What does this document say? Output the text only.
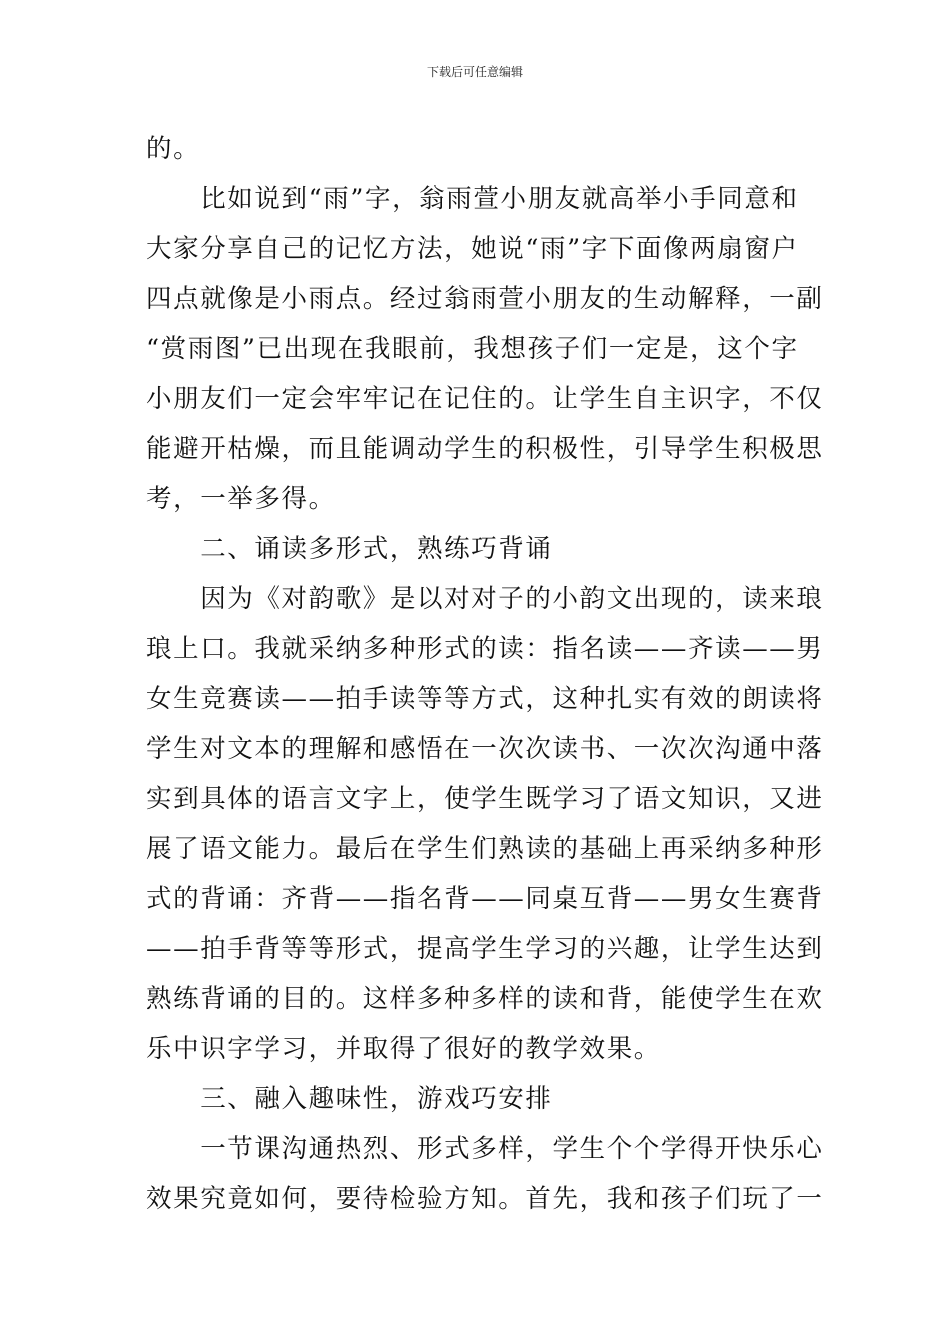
下载后可任意编辑
的。
　　比如说到“雨”字，翁雨萱小朋友就高举小手同意和
大家分享自己的记忆方法，她说“雨”字下面像两扇窗户
四点就像是小雨点。经过翁雨萱小朋友的生动解释，一副
“赏雨图”已出现在我眼前，我想孩子们一定是，这个字
小朋友们一定会牢牢记在记住的。让学生自主识字，不仅
能避开枯燥，而且能调动学生的积极性，引导学生积极思
考，一举多得。
　　二、诵读多形式，熟练巧背诵
　　因为《对韵歌》是以对对子的小韵文出现的，读来琅
琅上口。我就采纳多种形式的读：指名读——齐读——男
女生竞赛读——拍手读等等方式，这种扎实有效的朗读将
学生对文本的理解和感悟在一次次读书、一次次沟通中落
实到具体的语言文字上，使学生既学习了语文知识，又进
展了语文能力。最后在学生们熟读的基础上再采纳多种形
式的背诵：齐背——指名背——同桌互背——男女生赛背
——拍手背等等形式，提高学生学习的兴趣，让学生达到
熟练背诵的目的。这样多种多样的读和背，能使学生在欢
乐中识字学习，并取得了很好的教学效果。
　　三、融入趣味性，游戏巧安排
　　一节课沟通热烈、形式多样，学生个个学得开快乐心
效果究竟如何，要待检验方知。首先，我和孩子们玩了一
